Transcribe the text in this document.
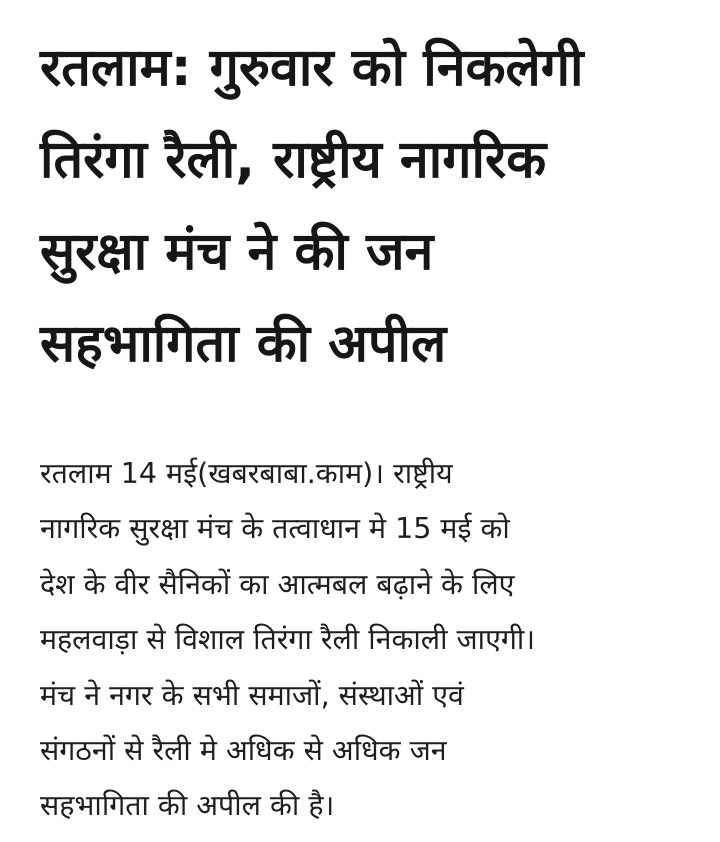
रतलाम: गुरुवार को निकलेगी
तिरंगा रैली, राष्ट्रीय नागरिक
सुरक्षा मंच ने की जन
सहभागिता की अपील

रतलाम 14 मई(खबरबाबा.काम)। राष्ट्रीय
नागरिक सुरक्षा मंच के तत्वाधान मे 15 मई को
देश के वीर सैनिकों का आत्मबल बढ़ाने के लिए
महलवाड़ा से विशाल तिरंगा रैली निकाली जाएगी।
मंच ने नगर के सभी समाजों, संस्थाओं एवं
संगठनों से रैली मे अधिक से अधिक जन
सहभागिता की अपील की है।
